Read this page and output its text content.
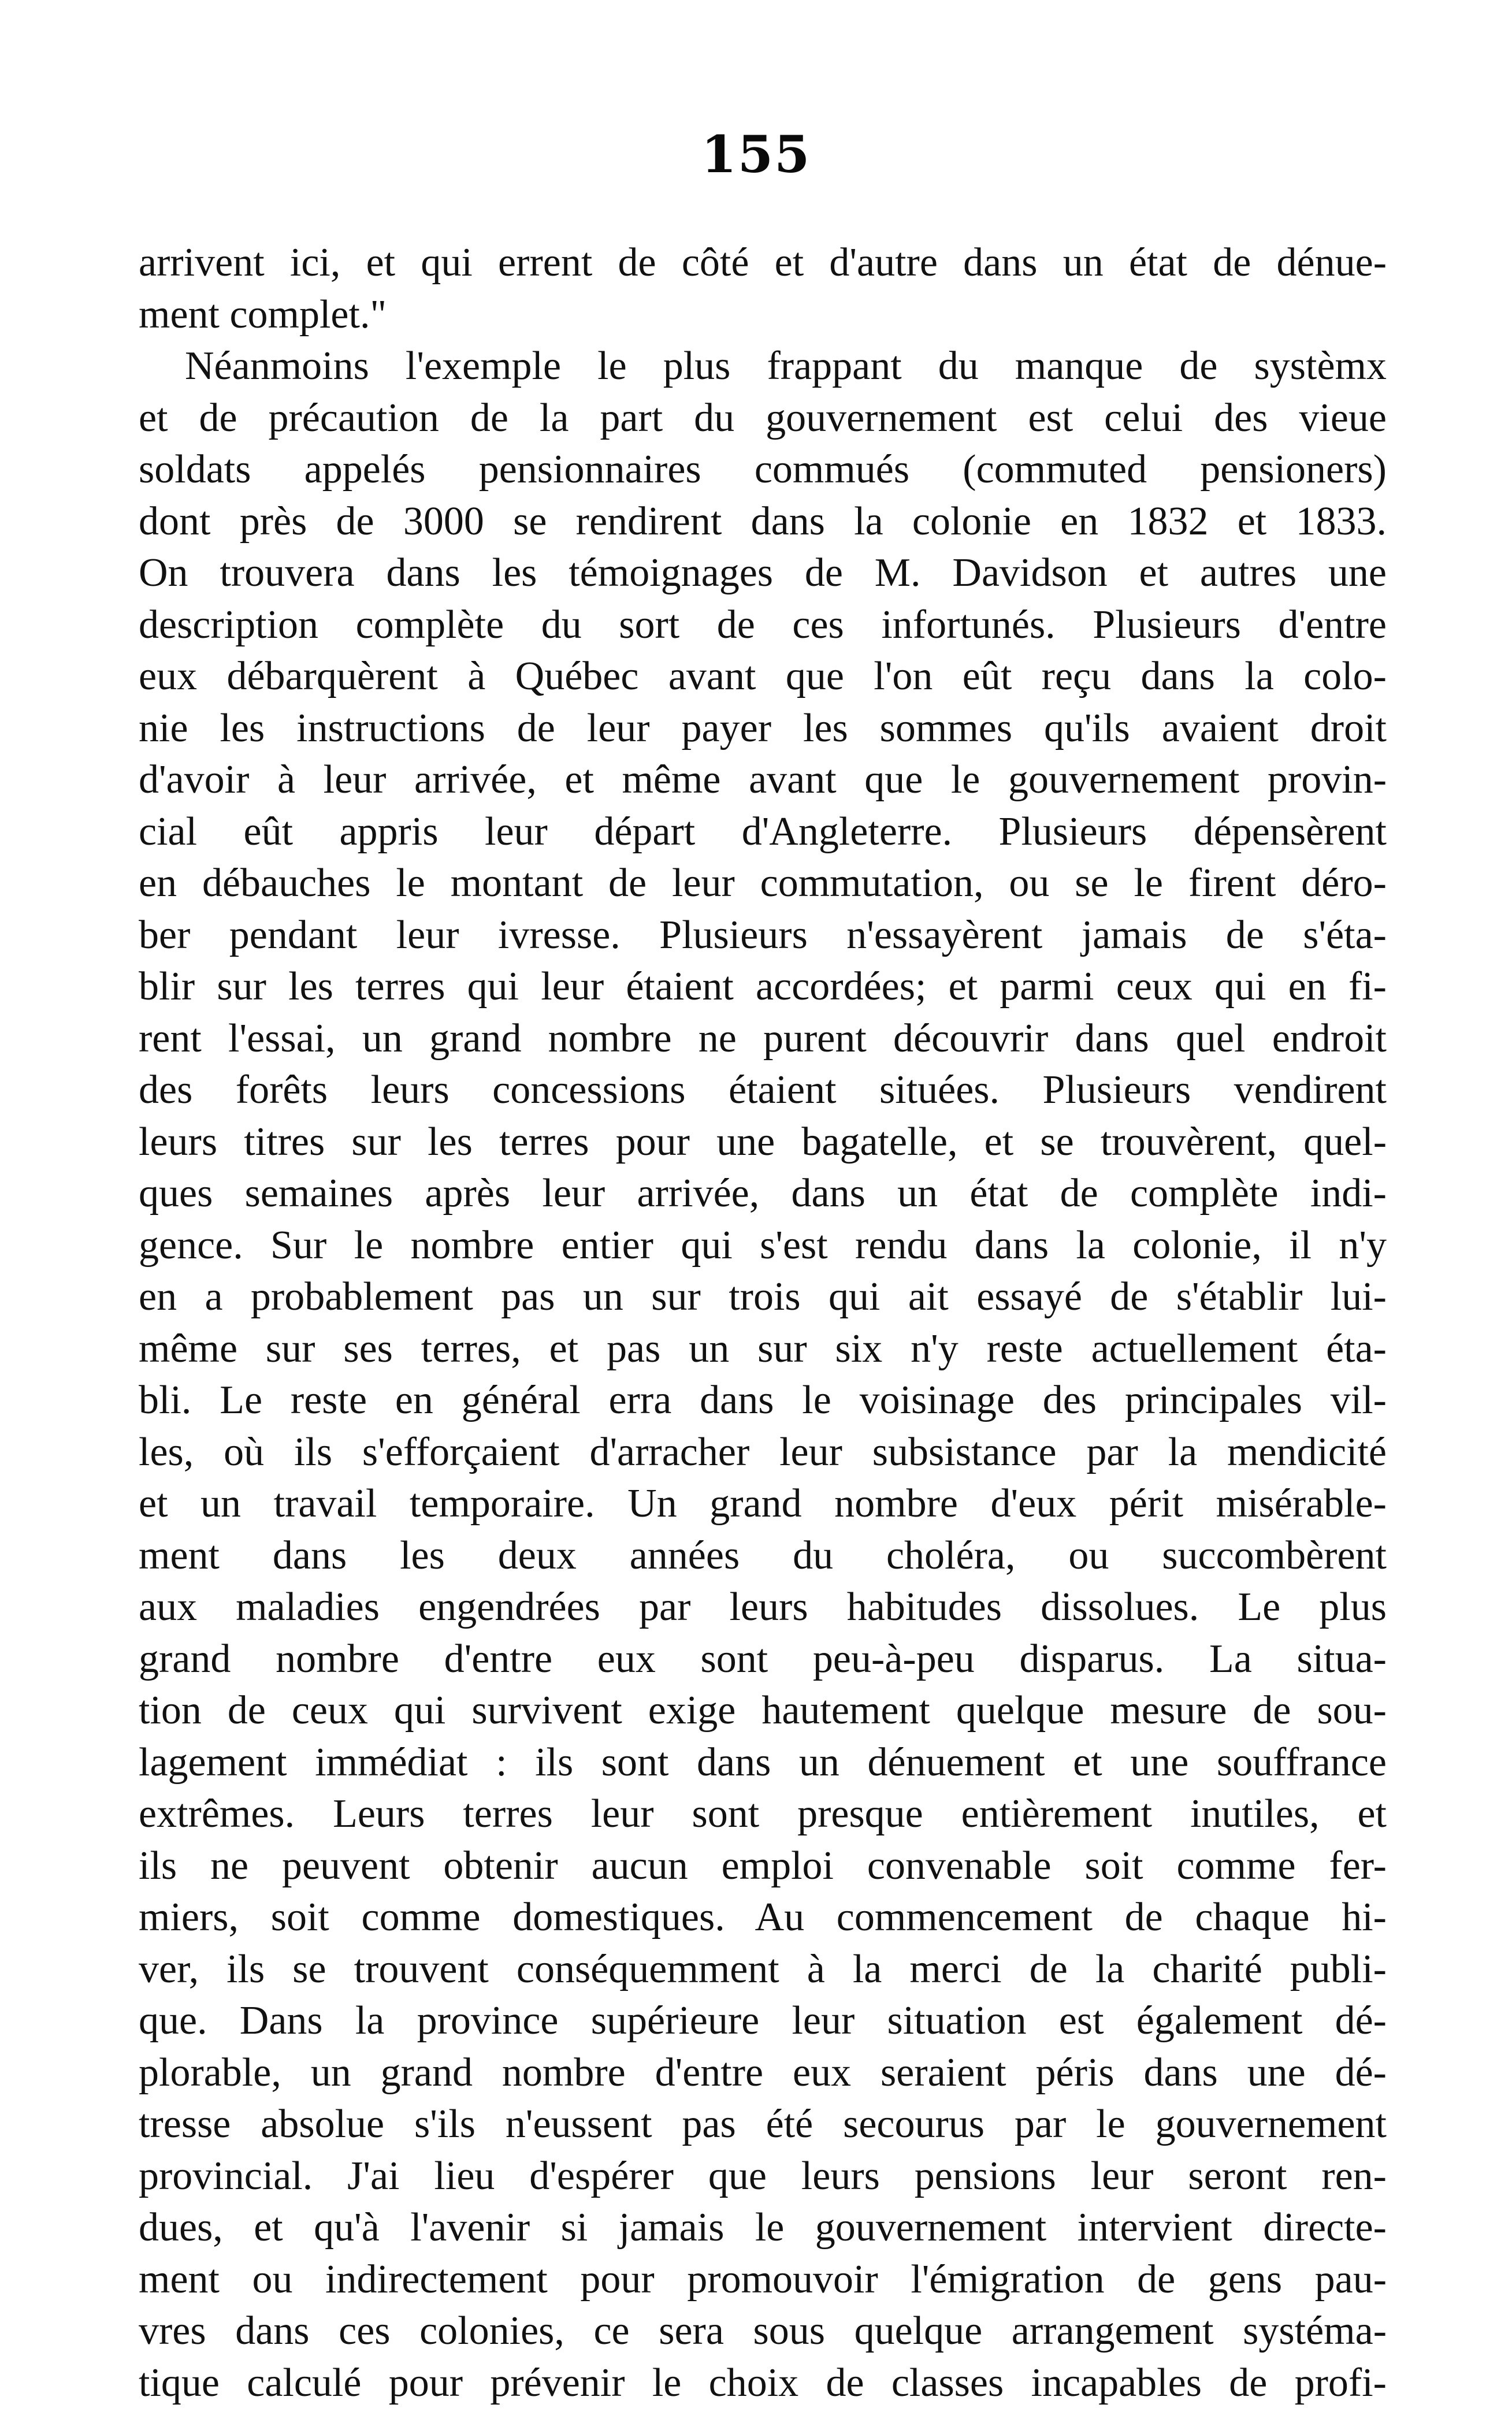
155
arrivent ici, et qui errent de côté et d'autre dans un état de dénue-
ment complet."
Néanmoins l'exemple le plus frappant du manque de systèmx
et de précaution de la part du gouvernement est celui des vieue
soldats appelés pensionnaires commués (commuted pensioners)
dont près de 3000 se rendirent dans la colonie en 1832 et 1833.
On trouvera dans les témoignages de M. Davidson et autres une
description complète du sort de ces infortunés. Plusieurs d'entre
eux débarquèrent à Québec avant que l'on eût reçu dans la colo-
nie les instructions de leur payer les sommes qu'ils avaient droit
d'avoir à leur arrivée, et même avant que le gouvernement provin-
cial eût appris leur départ d'Angleterre. Plusieurs dépensèrent
en débauches le montant de leur commutation, ou se le firent déro-
ber pendant leur ivresse. Plusieurs n'essayèrent jamais de s'éta-
blir sur les terres qui leur étaient accordées; et parmi ceux qui en fi-
rent l'essai, un grand nombre ne purent découvrir dans quel endroit
des forêts leurs concessions étaient situées. Plusieurs vendirent
leurs titres sur les terres pour une bagatelle, et se trouvèrent, quel-
ques semaines après leur arrivée, dans un état de complète indi-
gence. Sur le nombre entier qui s'est rendu dans la colonie, il n'y
en a probablement pas un sur trois qui ait essayé de s'établir lui-
même sur ses terres, et pas un sur six n'y reste actuellement éta-
bli. Le reste en général erra dans le voisinage des principales vil-
les, où ils s'efforçaient d'arracher leur subsistance par la mendicité
et un travail temporaire. Un grand nombre d'eux périt misérable-
ment dans les deux années du choléra, ou succombèrent
aux maladies engendrées par leurs habitudes dissolues. Le plus
grand nombre d'entre eux sont peu-à-peu disparus. La situa-
tion de ceux qui survivent exige hautement quelque mesure de sou-
lagement immédiat : ils sont dans un dénuement et une souffrance
extrêmes. Leurs terres leur sont presque entièrement inutiles, et
ils ne peuvent obtenir aucun emploi convenable soit comme fer-
miers, soit comme domestiques. Au commencement de chaque hi-
ver, ils se trouvent conséquemment à la merci de la charité publi-
que. Dans la province supérieure leur situation est également dé-
plorable, un grand nombre d'entre eux seraient péris dans une dé-
tresse absolue s'ils n'eussent pas été secourus par le gouvernement
provincial. J'ai lieu d'espérer que leurs pensions leur seront ren-
dues, et qu'à l'avenir si jamais le gouvernement intervient directe-
ment ou indirectement pour promouvoir l'émigration de gens pau-
vres dans ces colonies, ce sera sous quelque arrangement systéma-
tique calculé pour prévenir le choix de classes incapables de profi-
